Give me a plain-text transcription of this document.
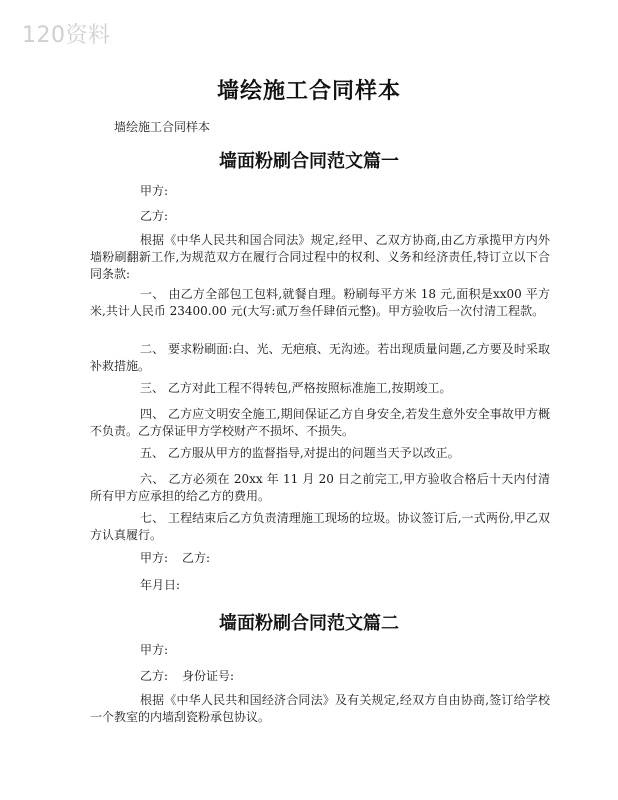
120资料
墙绘施工合同样本
墙绘施工合同样本
墙面粉刷合同范文篇一
甲方:
乙方:
根据《中华人民共和国合同法》规定,经甲、乙双方协商,由乙方承揽甲方内外墙粉刷翻新工作,为规范双方在履行合同过程中的权利、义务和经济责任,特订立以下合同条款:
一、 由乙方全部包工包料,就餐自理。粉刷每平方米 18 元,面积是xx00 平方米,共计人民币 23400.00 元(大写:贰万叁仟肆佰元整)。甲方验收后一次付清工程款。
二、 要求粉刷面:白、光、无疤痕、无沟迹。若出现质量问题,乙方要及时采取补救措施。
三、 乙方对此工程不得转包,严格按照标准施工,按期竣工。
四、 乙方应文明安全施工,期间保证乙方自身安全,若发生意外安全事故甲方概不负责。乙方保证甲方学校财产不损坏、不损失。
五、 乙方服从甲方的监督指导,对提出的问题当天予以改正。
六、 乙方必须在 20xx 年 11 月 20 日之前完工,甲方验收合格后十天内付清所有甲方应承担的给乙方的费用。
七、 工程结束后乙方负责清理施工现场的垃圾。协议签订后,一式两份,甲乙双方认真履行。
甲方: 乙方:
年月日:
墙面粉刷合同范文篇二
甲方:
乙方: 身份证号:
根据《中华人民共和国经济合同法》及有关规定,经双方自由协商,签订给学校一个教室的内墙刮瓷粉承包协议。
